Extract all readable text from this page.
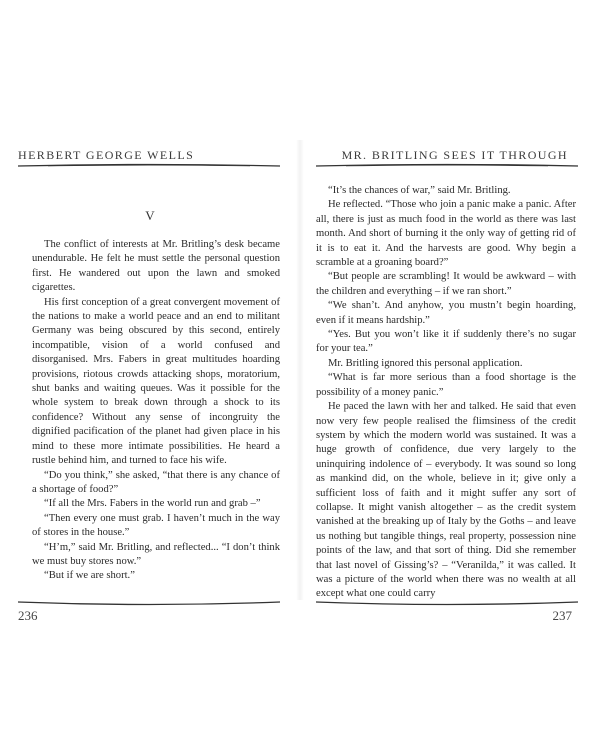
HERBERT GEORGE WELLS
V

The conflict of interests at Mr. Britling’s desk became unendurable. He felt he must settle the personal question first. He wandered out upon the lawn and smoked cigarettes.

His first conception of a great convergent movement of the nations to make a world peace and an end to militant Germany was being obscured by this second, entirely incompatible, vision of a world confused and disorganised. Mrs. Fabers in great multitudes hoarding provisions, riotous crowds attacking shops, moratorium, shut banks and waiting queues. Was it possible for the whole system to break down through a shock to its confidence? Without any sense of incongruity the dignified pacification of the planet had given place in his mind to these more intimate possibilities. He heard a rustle behind him, and turned to face his wife.

“Do you think,” she asked, “that there is any chance of a shortage of food?”

“If all the Mrs. Fabers in the world run and grab –”

“Then every one must grab. I haven’t much in the way of stores in the house.”

“H’m,” said Mr. Britling, and reflected... “I don’t think we must buy stores now.”

“But if we are short.”

236
MR. BRITLING SEES IT THROUGH

“It’s the chances of war,” said Mr. Britling.

He reflected. “Those who join a panic make a panic. After all, there is just as much food in the world as there was last month. And short of burning it the only way of getting rid of it is to eat it. And the harvests are good. Why begin a scramble at a groaning board?”

“But people are scrambling! It would be awkward – with the children and everything – if we ran short.”

“We shan’t. And anyhow, you mustn’t begin hoarding, even if it means hardship.”

“Yes. But you won’t like it if suddenly there’s no sugar for your tea.”

Mr. Britling ignored this personal application.

“What is far more serious than a food shortage is the possibility of a money panic.”

He paced the lawn with her and talked. He said that even now very few people realised the flimsiness of the credit system by which the modern world was sustained. It was a huge growth of confidence, due very largely to the uninquiring indolence of – everybody. It was sound so long as mankind did, on the whole, believe in it; give only a sufficient loss of faith and it might suffer any sort of collapse. It might vanish altogether – as the credit system vanished at the breaking up of Italy by the Goths – and leave us nothing but tangible things, real property, possession nine points of the law, and that sort of thing. Did she remember that last novel of Gissing’s? – “Veranilda,” it was called. It was a picture of the world when there was no wealth at all except what one could carry

237
